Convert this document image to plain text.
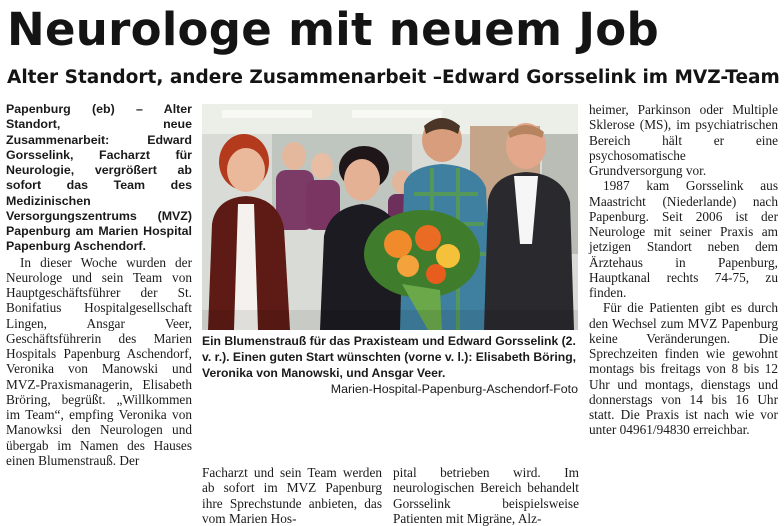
Neurologe mit neuem Job
Alter Standort, andere Zusammenarbeit –Edward Gorsselink im MVZ-Team

Papenburg (eb) – Alter Standort, neue Zusammenarbeit: Edward Gorsselink, Facharzt für Neurologie, vergrößert ab sofort das Team des Medizinischen Versorgungszentrums (MVZ) Papenburg am Marien Hospital Papenburg Aschendorf.

In dieser Woche wurden der Neurologe und sein Team von Hauptgeschäftsführer der St. Bonifatius Hospitalgesellschaft Lingen, Ansgar Veer, Geschäftsführerin des Marien Hospitals Papenburg Aschendorf, Veronika von Manowski und MVZ-Praxismanagerin, Elisabeth Bröring, begrüßt. „Willkommen im Team“, empfing Veronika von Manowksi den Neurologen und übergab im Namen des Hauses einen Blumenstrauß. Der

Ein Blumenstrauß für das Praxisteam und Edward Gorsselink (2. v. r.). Einen guten Start wünschten (vorne v. l.): Elisabeth Böring, Veronika von Manowski, und Ansgar Veer.

Marien-Hospital-Papenburg-Aschendorf-Foto

Facharzt und sein Team werden ab sofort im MVZ Papenburg ihre Sprechstunde anbieten, das vom Marien Hos-

pital betrieben wird. Im neurologischen Bereich behandelt Gorsselink beispielsweise Patienten mit Migräne, Alz-

heimer, Parkinson oder Multiple Sklerose (MS), im psychiatrischen Bereich hält er eine psychosomatische Grundversorgung vor.

1987 kam Gorsselink aus Maastricht (Niederlande) nach Papenburg. Seit 2006 ist der Neurologe mit seiner Praxis am jetzigen Standort neben dem Ärztehaus in Papenburg, Hauptkanal rechts 74-75, zu finden.

Für die Patienten gibt es durch den Wechsel zum MVZ Papenburg keine Veränderungen. Die Sprechzeiten finden wie gewohnt montags bis freitags von 8 bis 12 Uhr und montags, dienstags und donnerstags von 14 bis 16 Uhr statt. Die Praxis ist nach wie vor unter 04961/94830 erreichbar.
